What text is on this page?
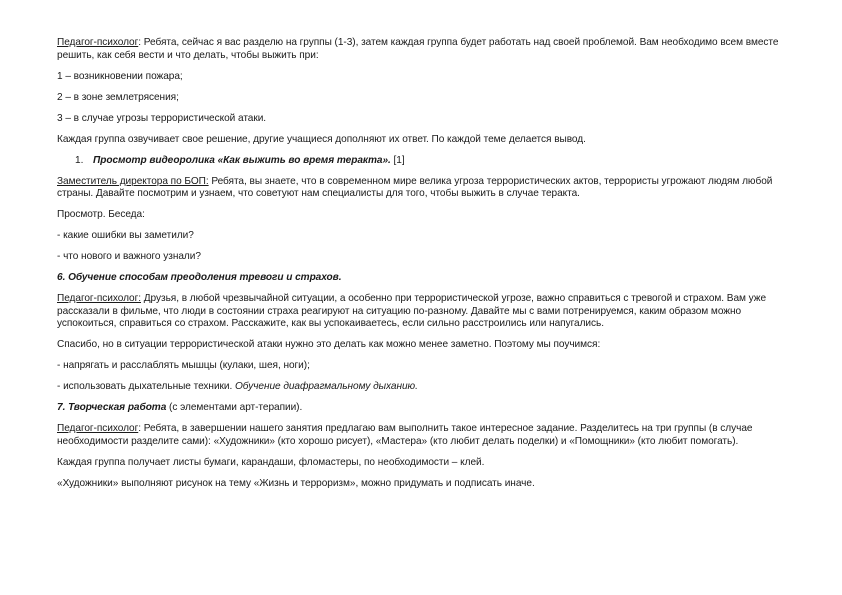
Педагог-психолог: Ребята, сейчас я вас разделю на группы (1-3), затем каждая группа будет работать над своей проблемой. Вам необходимо всем вместе решить, как себя вести и что делать, чтобы выжить при:

1 – возникновении пожара;

2 – в зоне землетрясения;

3 – в случае угрозы террористической атаки.

Каждая группа озвучивает свое решение, другие учащиеся дополняют их ответ. По каждой теме делается вывод.

1. Просмотр видеоролика «Как выжить во время теракта». [1]

Заместитель директора по БОП: Ребята, вы знаете, что в современном мире велика угроза террористических актов, террористы угрожают людям любой страны. Давайте посмотрим и узнаем, что советуют нам специалисты для того, чтобы выжить в случае теракта.

Просмотр. Беседа:

- какие ошибки вы заметили?

- что нового и важного узнали?

6. Обучение способам преодоления тревоги и страхов.

Педагог-психолог: Друзья, в любой чрезвычайной ситуации, а особенно при террористической угрозе, важно справиться с тревогой и страхом. Вам уже рассказали в фильме, что люди в состоянии страха реагируют на ситуацию по-разному. Давайте мы с вами потренируемся, каким образом можно успокоиться, справиться со страхом. Расскажите, как вы успокаиваетесь, если сильно расстроились или напугались.

Спасибо, но в ситуации террористической атаки нужно это делать как можно менее заметно. Поэтому мы поучимся:

- напрягать и расслаблять мышцы (кулаки, шея, ноги);

- использовать дыхательные техники. Обучение диафрагмальному дыханию.

7. Творческая работа (с элементами арт-терапии).

Педагог-психолог: Ребята, в завершении нашего занятия предлагаю вам выполнить такое интересное задание. Разделитесь на три группы (в случае необходимости разделите сами): «Художники» (кто хорошо рисует), «Мастера» (кто любит делать поделки) и «Помощники» (кто любит помогать).

Каждая группа получает листы бумаги, карандаши, фломастеры, по необходимости – клей.

«Художники» выполняют рисунок на тему «Жизнь и терроризм», можно придумать и подписать иначе.
